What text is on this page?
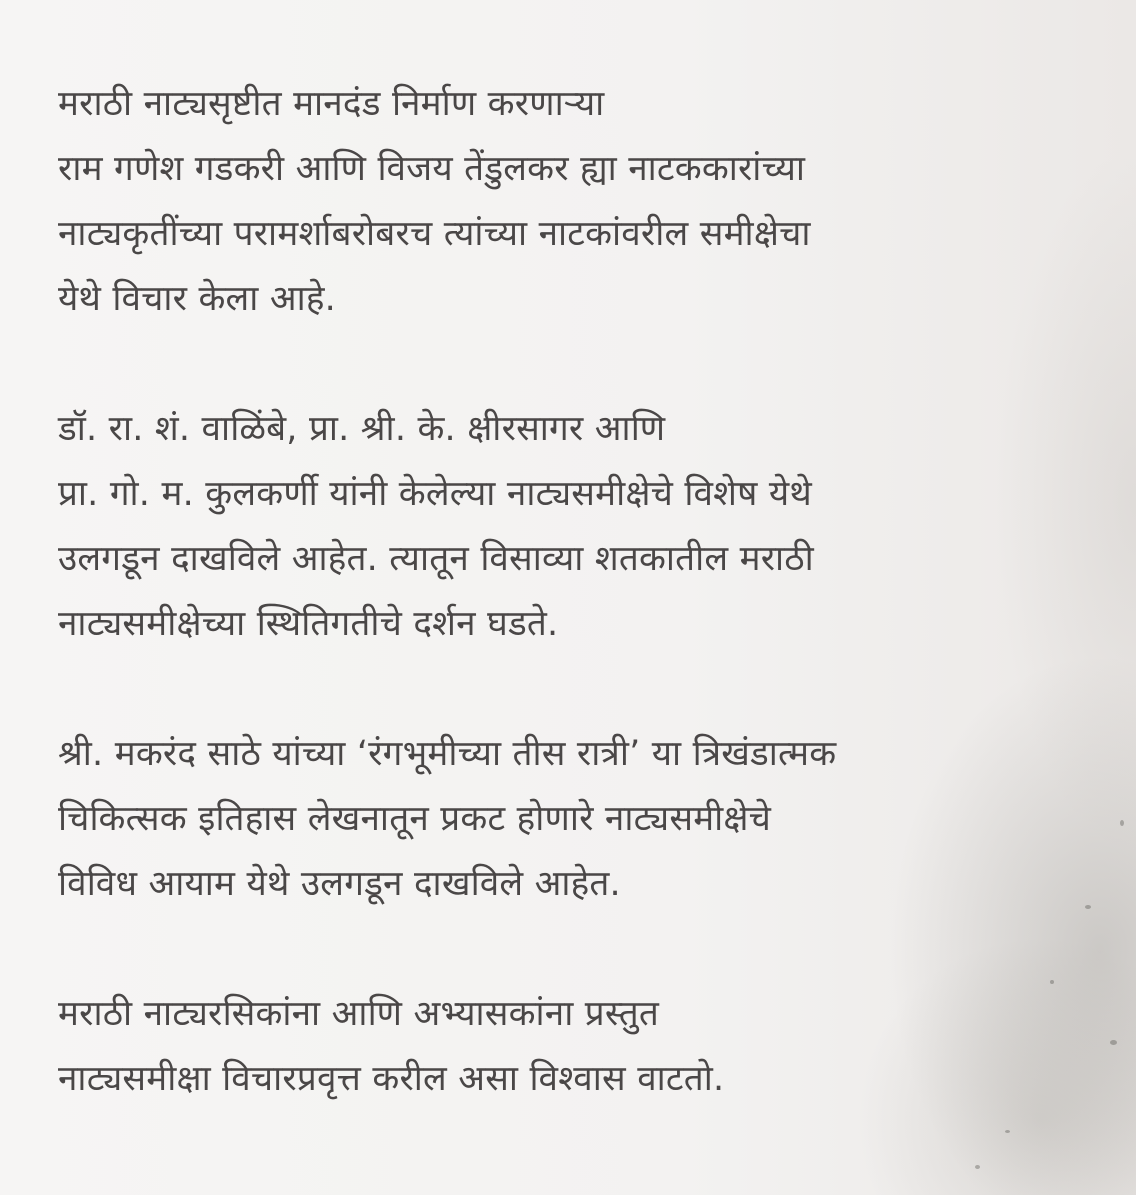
मराठी नाट्यसृष्टीत मानदंड निर्माण करणाऱ्या
राम गणेश गडकरी आणि विजय तेंडुलकर ह्या नाटककारांच्या
नाट्यकृतींच्या परामर्शाबरोबरच त्यांच्या नाटकांवरील समीक्षेचा
येथे विचार केला आहे.

डॉ. रा. शं. वाळिंबे, प्रा. श्री. के. क्षीरसागर आणि
प्रा. गो. म. कुलकर्णी यांनी केलेल्या नाट्यसमीक्षेचे विशेष येथे
उलगडून दाखविले आहेत. त्यातून विसाव्या शतकातील मराठी
नाट्यसमीक्षेच्या स्थितिगतीचे दर्शन घडते.

श्री. मकरंद साठे यांच्या ‘रंगभूमीच्या तीस रात्री’ या त्रिखंडात्मक
चिकित्सक इतिहास लेखनातून प्रकट होणारे नाट्यसमीक्षेचे
विविध आयाम येथे उलगडून दाखविले आहेत.

मराठी नाट्यरसिकांना आणि अभ्यासकांना प्रस्तुत
नाट्यसमीक्षा विचारप्रवृत्त करील असा विश्वास वाटतो.
